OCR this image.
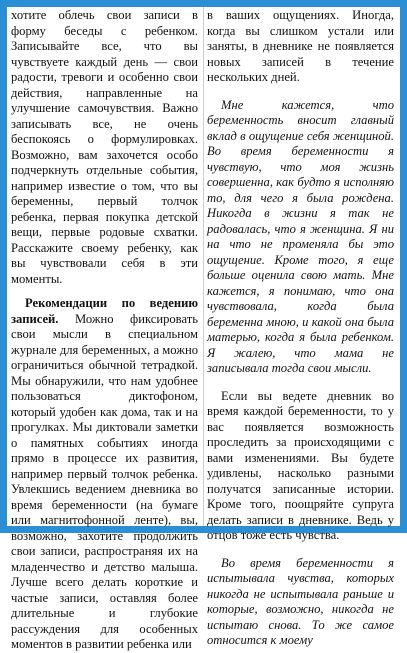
хотите облечь свои записи в форму беседы с ребенком. Записывайте все, что вы чувствуете каждый день — свои радости, тревоги и особенно свои действия, направленные на улучшение самочувствия. Важно записывать все, не очень беспокоясь о формулировках. Возможно, вам захочется особо подчеркнуть отдельные события, например известие о том, что вы беременны, первый толчок ребенка, первая покупка детской вещи, первые родовые схватки. Расскажите своему ребенку, как вы чувствовали себя в эти моменты.

Рекомендации по ведению записей. Можно фиксировать свои мысли в специальном журнале для беременных, а можно ограничиться обычной тетрадкой. Мы обнаружили, что нам удобнее пользоваться диктофоном, который удобен как дома, так и на прогулках. Мы диктовали заметки о памятных событиях иногда прямо в процессе их развития, например первый толчок ребенка. Увлекшись ведением дневника во время беременности (на бумаге или магнитофонной ленте), вы, возможно, захотите продолжить свои записи, распространяя их на младенчество и детство малыша. Лучше всего делать короткие и частые записи, оставляя более длительные и глубокие рассуждения для особенных моментов в развитии ребенка или

в ваших ощущениях. Иногда, когда вы слишком устали или заняты, в дневнике не появляется новых записей в течение нескольких дней.

Мне кажется, что беременность вносит главный вклад в ощущение себя женщиной. Во время беременности я чувствую, что моя жизнь совершенна, как будто я исполняю то, для чего я была рождена. Никогда в жизни я так не радовалась, что я женщина. Я ни на что не променяла бы это ощущение. Кроме того, я еще больше оценила свою мать. Мне кажется, я понимаю, что она чувствовала, когда была беременна мною, и какой она была матерью, когда я была ребенком. Я жалею, что мама не записывала тогда свои мысли.

Если вы ведете дневник во время каждой беременности, то у вас появляется возможность проследить за происходящими с вами изменениями. Вы будете удивлены, насколько разными получатся записанные истории. Кроме того, поощряйте супруга делать записи в дневнике. Ведь у отцов тоже есть чувства.

Во время беременности я испытывала чувства, которых никогда не испытывала раньше и которые, возможно, никогда не испытаю снова. То же самое относится к моему
